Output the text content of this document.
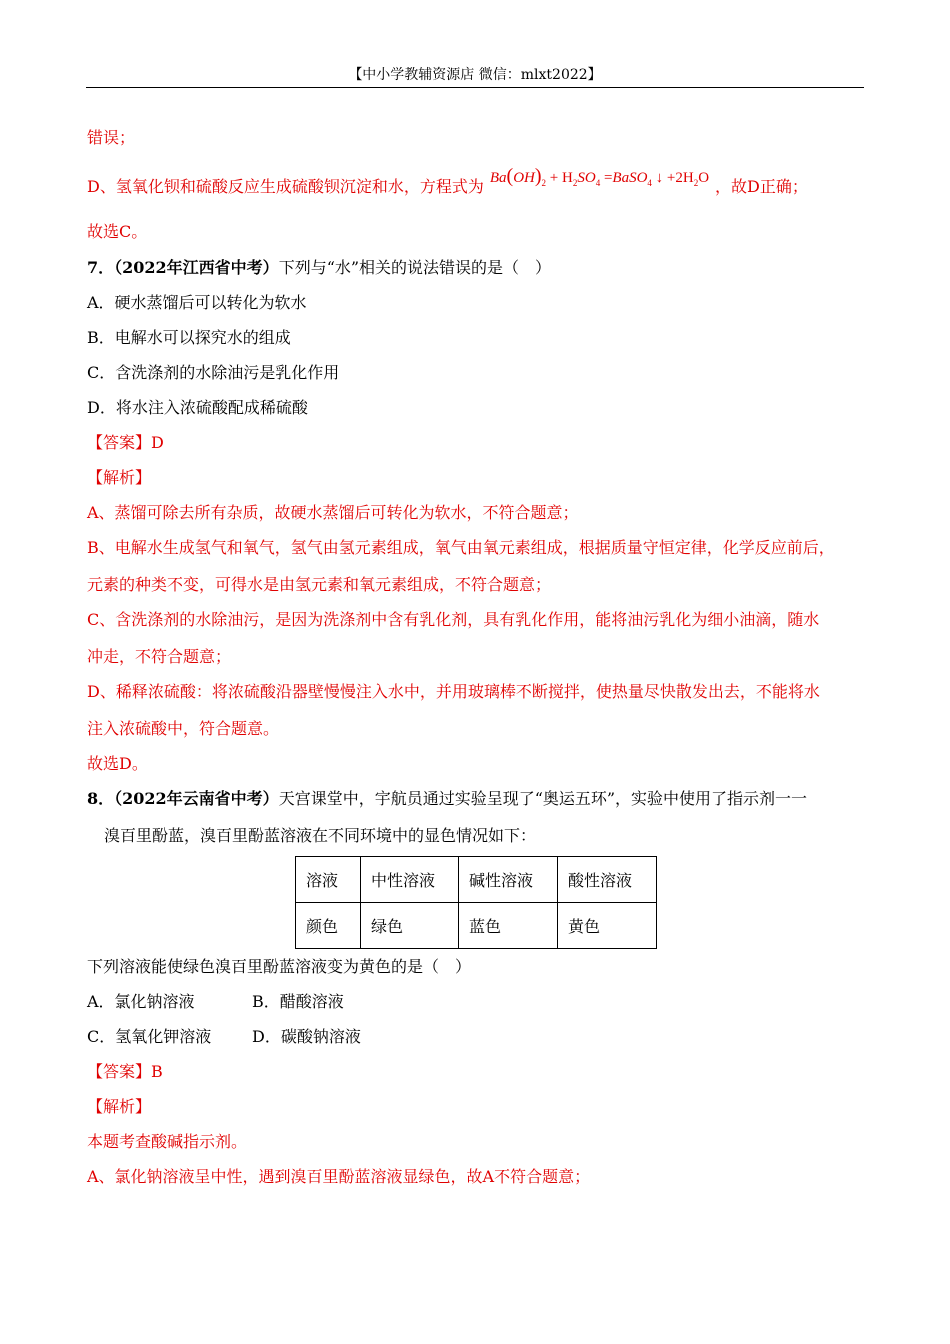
【中小学教辅资源店 微信：mlxt2022】
错误；
D、氢氧化钡和硫酸反应生成硫酸钡沉淀和水，方程式为 $Ba(OH)_2 + H_2SO_4$ =BaSO$_4$ ↓ $+2H_2O$ ，故D正确；
故选C。
7．（2022年江西省中考）下列与“水”相关的说法错误的是（　）
A．硬水蒸馏后可以转化为软水
B．电解水可以探究水的组成
C．含洗涤剂的水除油污是乳化作用
D．将水注入浓硫酸配成稀硫酸
【答案】D
【解析】
A、蒸馏可除去所有杂质，故硬水蒸馏后可转化为软水，不符合题意；
B、电解水生成氢气和氧气，氢气由氢元素组成，氧气由氧元素组成，根据质量守恒定律，化学反应前后，
元素的种类不变，可得水是由氢元素和氧元素组成，不符合题意；
C、含洗涤剂的水除油污，是因为洗涤剂中含有乳化剂，具有乳化作用，能将油污乳化为细小油滴，随水
冲走，不符合题意；
D、稀释浓硫酸：将浓硫酸沿器壁慢慢注入水中，并用玻璃棒不断搅拌，使热量尽快散发出去，不能将水
注入浓硫酸中，符合题意。
故选D。
8．（2022年云南省中考）天宫课堂中，宇航员通过实验呈现了“奥运五环”，实验中使用了指示剂一一
溴百里酚蓝，溴百里酚蓝溶液在不同环境中的显色情况如下：
溶液	中性溶液	碱性溶液	酸性溶液
颜色	绿色	蓝色	黄色
下列溶液能使绿色溴百里酚蓝溶液变为黄色的是（　）
A．氯化钠溶液	B．醋酸溶液
C．氢氧化钾溶液	D．碳酸钠溶液
【答案】B
【解析】
本题考查酸碱指示剂。
A、氯化钠溶液呈中性，遇到溴百里酚蓝溶液显绿色，故A不符合题意；
